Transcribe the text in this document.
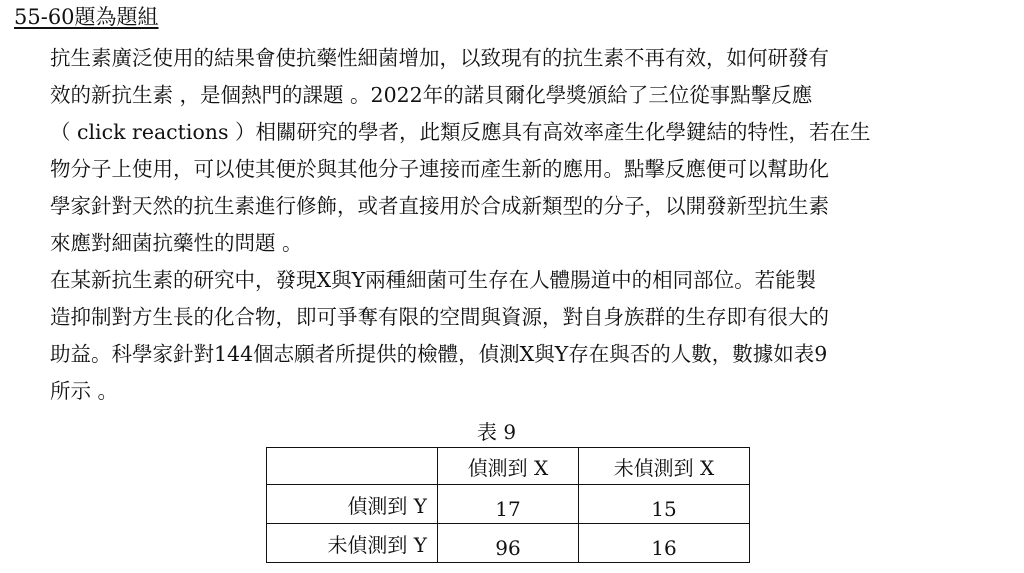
55-60題為題組
抗生素廣泛使用的結果會使抗藥性細菌增加，以致現有的抗生素不再有效，如何研發有
效的新抗生素 ，是個熱門的課題 。2022年的諾貝爾化學獎頒給了三位從事點擊反應
（ click reactions ）相關研究的學者，此類反應具有高效率產生化學鍵結的特性，若在生
物分子上使用，可以使其便於與其他分子連接而產生新的應用。點擊反應便可以幫助化
學家針對天然的抗生素進行修飾，或者直接用於合成新類型的分子，以開發新型抗生素
來應對細菌抗藥性的問題 。
在某新抗生素的研究中，發現X與Y兩種細菌可生存在人體腸道中的相同部位。若能製
造抑制對方生長的化合物，即可爭奪有限的空間與資源，對自身族群的生存即有很大的
助益。科學家針對144個志願者所提供的檢體，偵測X與Y存在與否的人數，數據如表9
所示 。
表 9
	偵測到 X	未偵測到 X
偵測到 Y	17	15
未偵測到 Y	96	16
